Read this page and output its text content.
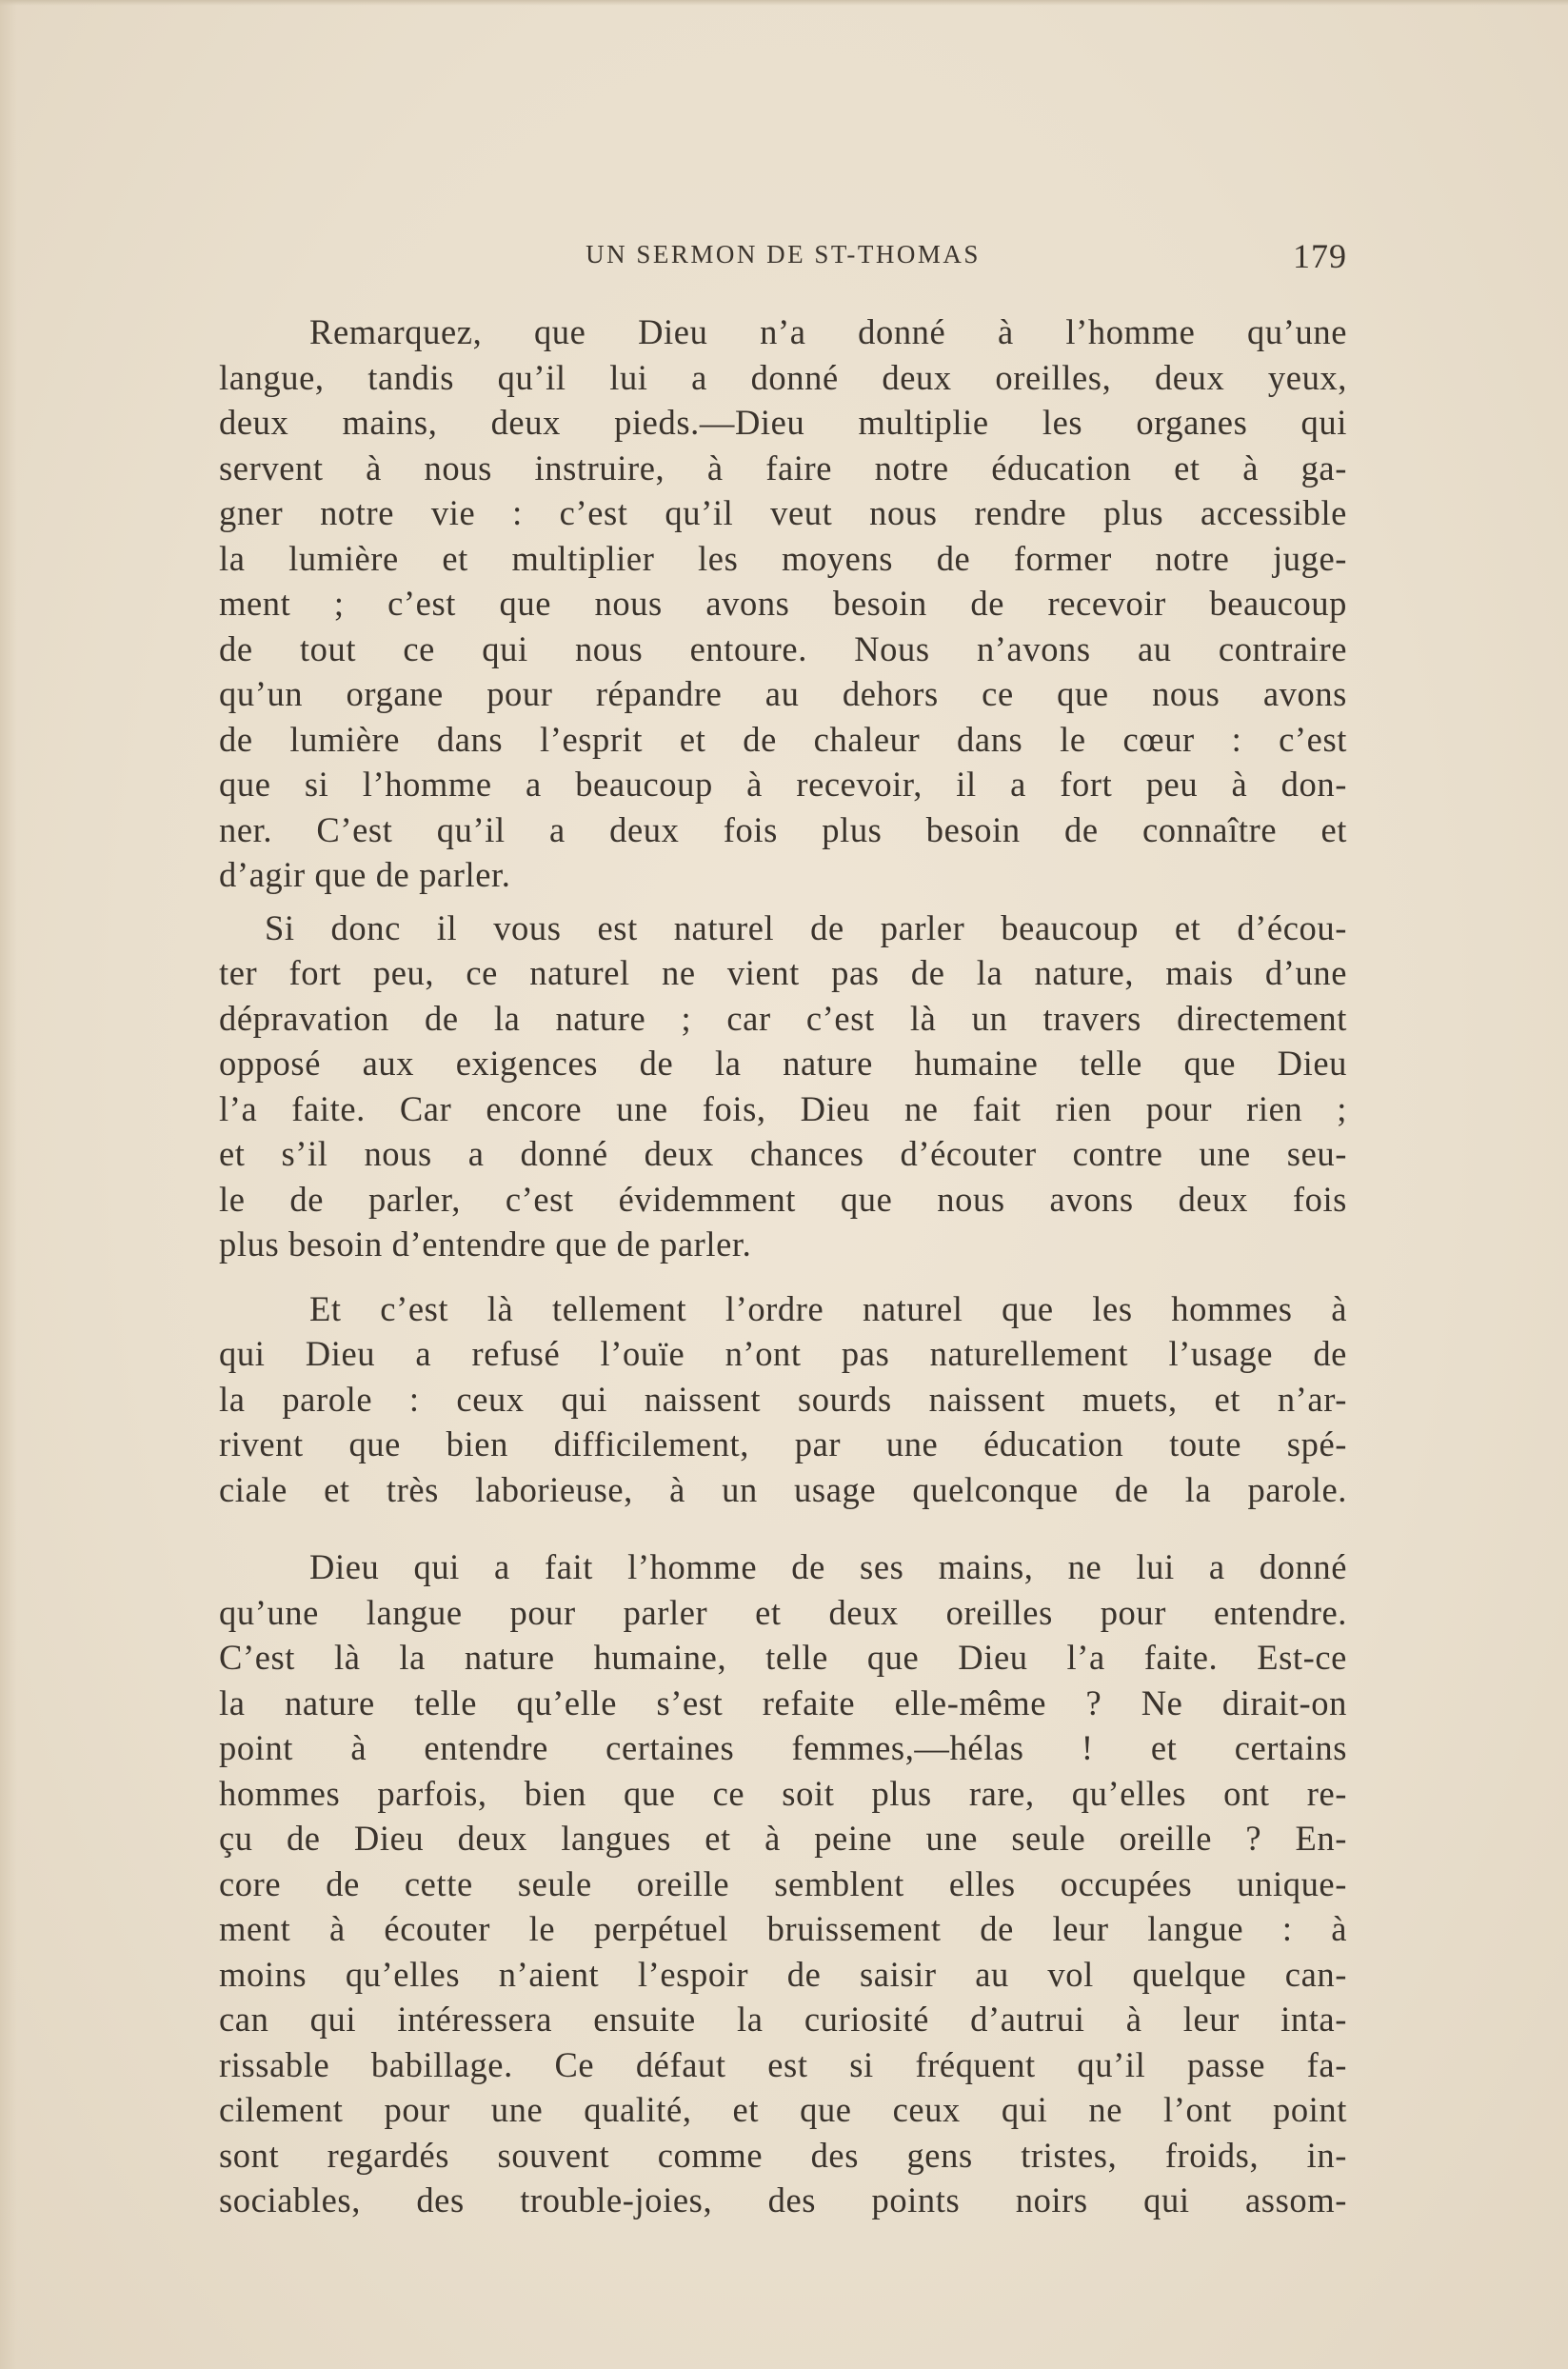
UN SERMON DE ST-THOMAS	179
Remarquez, que Dieu n’a donné à l’homme qu’une
langue, tandis qu’il lui a donné deux oreilles, deux yeux,
deux mains, deux pieds.—Dieu multiplie les organes qui
servent à nous instruire, à faire notre éducation et à ga-
gner notre vie : c’est qu’il veut nous rendre plus accessible
la lumière et multiplier les moyens de former notre juge-
ment ; c’est que nous avons besoin de recevoir beaucoup
de tout ce qui nous entoure. Nous n’avons au contraire
qu’un organe pour répandre au dehors ce que nous avons
de lumière dans l’esprit et de chaleur dans le cœur : c’est
que si l’homme a beaucoup à recevoir, il a fort peu à don-
ner. C’est qu’il a deux fois plus besoin de connaître et
d’agir que de parler.
Si donc il vous est naturel de parler beaucoup et d’écou-
ter fort peu, ce naturel ne vient pas de la nature, mais d’une
dépravation de la nature ; car c’est là un travers directement
opposé aux exigences de la nature humaine telle que Dieu
l’a faite. Car encore une fois, Dieu ne fait rien pour rien ;
et s’il nous a donné deux chances d’écouter contre une seu-
le de parler, c’est évidemment que nous avons deux fois
plus besoin d’entendre que de parler.
Et c’est là tellement l’ordre naturel que les hommes à
qui Dieu a refusé l’ouïe n’ont pas naturellement l’usage de
la parole : ceux qui naissent sourds naissent muets, et n’ar-
rivent que bien difficilement, par une éducation toute spé-
ciale et très laborieuse, à un usage quelconque de la parole.
Dieu qui a fait l’homme de ses mains, ne lui a donné
qu’une langue pour parler et deux oreilles pour entendre.
C’est là la nature humaine, telle que Dieu l’a faite. Est-ce
la nature telle qu’elle s’est refaite elle-même ? Ne dirait-on
point à entendre certaines femmes,—hélas ! et certains
hommes parfois, bien que ce soit plus rare, qu’elles ont re-
çu de Dieu deux langues et à peine une seule oreille ? En-
core de cette seule oreille semblent elles occupées unique-
ment à écouter le perpétuel bruissement de leur langue : à
moins qu’elles n’aient l’espoir de saisir au vol quelque can-
can qui intéressera ensuite la curiosité d’autrui à leur inta-
rissable babillage. Ce défaut est si fréquent qu’il passe fa-
cilement pour une qualité, et que ceux qui ne l’ont point
sont regardés souvent comme des gens tristes, froids, in-
sociables, des trouble-joies, des points noirs qui assom-
